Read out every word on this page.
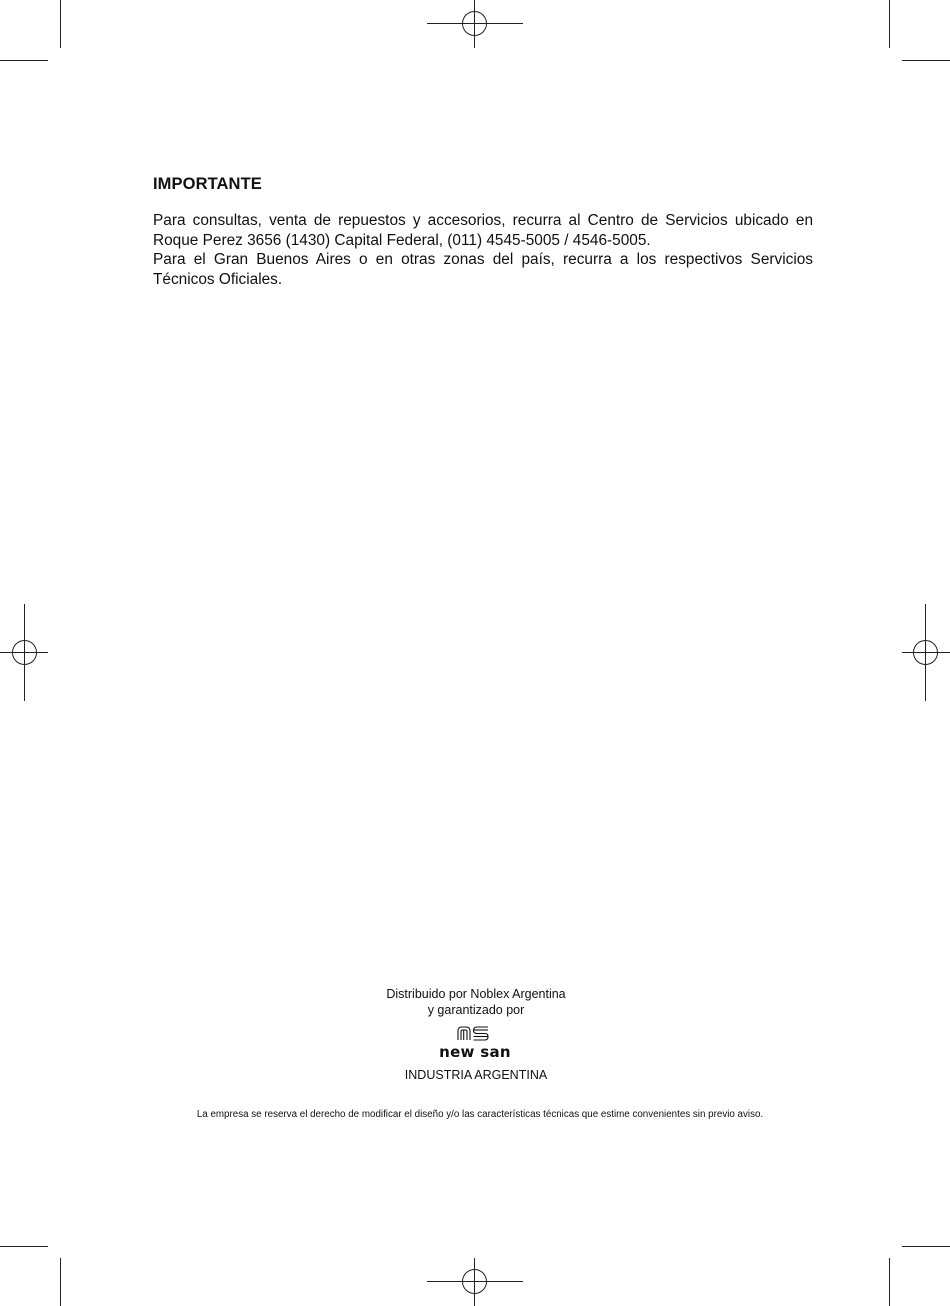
IMPORTANTE

Para consultas, venta de repuestos y accesorios, recurra al Centro de Servicios ubicado en Roque Perez 3656 (1430) Capital Federal, (011) 4545-5005 / 4546-5005.

Para el Gran Buenos Aires o en otras zonas del país, recurra a los respectivos Servicios Técnicos Oficiales.

Distribuido por Noblex Argentina
y garantizado por
new san
INDUSTRIA ARGENTINA
La empresa se reserva el derecho de modificar el diseño y/o las características técnicas que estime convenientes sin previo aviso.
